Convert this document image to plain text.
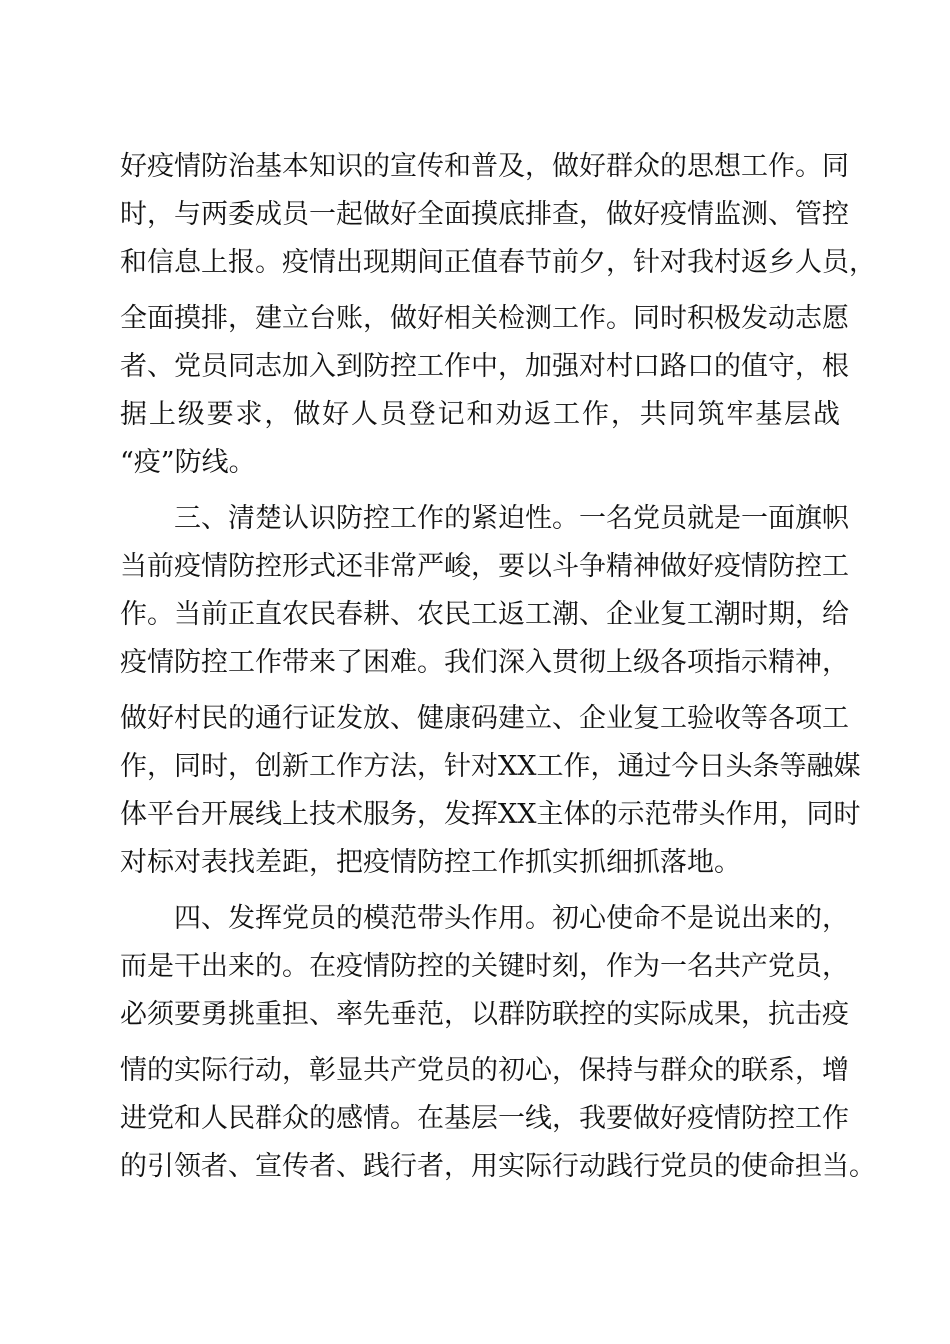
好疫情防治基本知识的宣传和普及，做好群众的思想工作。同
时，与两委成员一起做好全面摸底排查，做好疫情监测、管控
和信息上报。疫情出现期间正值春节前夕，针对我村返乡人员，
全面摸排，建立台账，做好相关检测工作。同时积极发动志愿
者、党员同志加入到防控工作中，加强对村口路口的值守，根
据上级要求，做好人员登记和劝返工作，共同筑牢基层战
“疫”防线。
三、清楚认识防控工作的紧迫性。一名党员就是一面旗帜
当前疫情防控形式还非常严峻，要以斗争精神做好疫情防控工
作。当前正直农民春耕、农民工返工潮、企业复工潮时期，给
疫情防控工作带来了困难。我们深入贯彻上级各项指示精神，
做好村民的通行证发放、健康码建立、企业复工验收等各项工
作，同时，创新工作方法，针对XX工作，通过今日头条等融媒
体平台开展线上技术服务，发挥XX主体的示范带头作用，同时
对标对表找差距，把疫情防控工作抓实抓细抓落地。
四、发挥党员的模范带头作用。初心使命不是说出来的，
而是干出来的。在疫情防控的关键时刻，作为一名共产党员，
必须要勇挑重担、率先垂范，以群防联控的实际成果，抗击疫
情的实际行动，彰显共产党员的初心，保持与群众的联系，增
进党和人民群众的感情。在基层一线，我要做好疫情防控工作
的引领者、宣传者、践行者，用实际行动践行党员的使命担当。
